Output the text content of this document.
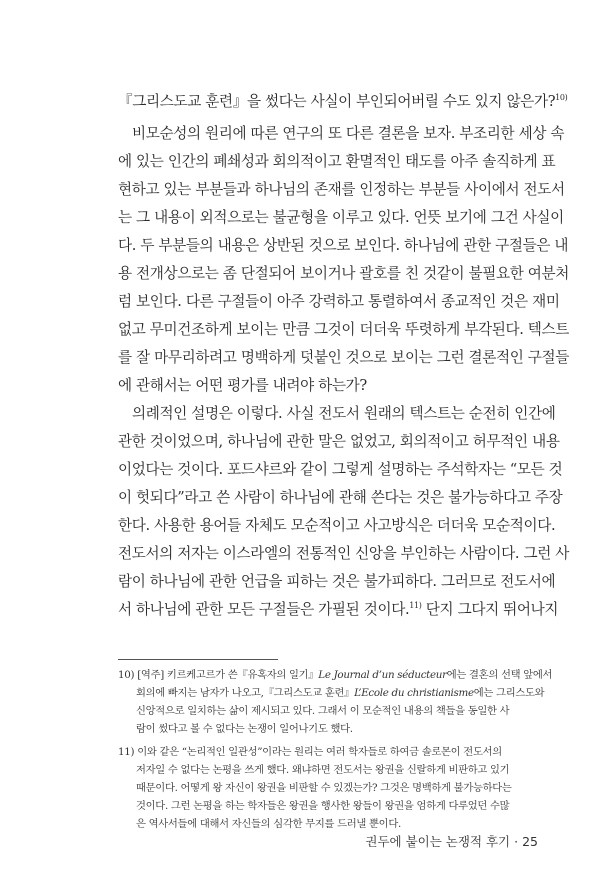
『그리스도교 훈련』을 썼다는 사실이 부인되어버릴 수도 있지 않은가?$^{10)}$
비모순성의 원리에 따른 연구의 또 다른 결론을 보자. 부조리한 세상 속
에 있는 인간의 폐쇄성과 회의적이고 환멸적인 태도를 아주 솔직하게 표
현하고 있는 부분들과 하나님의 존재를 인정하는 부분들 사이에서 전도서
는 그 내용이 외적으로는 불균형을 이루고 있다. 언뜻 보기에 그건 사실이
다. 두 부분들의 내용은 상반된 것으로 보인다. 하나님에 관한 구절들은 내
용 전개상으로는 좀 단절되어 보이거나 괄호를 친 것같이 불필요한 여분처
럼 보인다. 다른 구절들이 아주 강력하고 통렬하여서 종교적인 것은 재미
없고 무미건조하게 보이는 만큼 그것이 더더욱 뚜렷하게 부각된다. 텍스트
를 잘 마무리하려고 명백하게 덧붙인 것으로 보이는 그런 결론적인 구절들
에 관해서는 어떤 평가를 내려야 하는가?
의례적인 설명은 이렇다. 사실 전도서 원래의 텍스트는 순전히 인간에
관한 것이었으며, 하나님에 관한 말은 없었고, 회의적이고 허무적인 내용
이었다는 것이다. 포드샤르와 같이 그렇게 설명하는 주석학자는 “모든 것
이 헛되다”라고 쓴 사람이 하나님에 관해 쓴다는 것은 불가능하다고 주장
한다. 사용한 용어들 자체도 모순적이고 사고방식은 더더욱 모순적이다.
전도서의 저자는 이스라엘의 전통적인 신앙을 부인하는 사람이다. 그런 사
람이 하나님에 관한 언급을 피하는 것은 불가피하다. 그러므로 전도서에
서 하나님에 관한 모든 구절들은 가필된 것이다.$^{11)}$ 단지 그다지 뛰어나지
10) [역주] 키르케고르가 쓴『유혹자의 일기』Le Journal d’un séducteur에는 결혼의 선택 앞에서
회의에 빠지는 남자가 나오고,『그리스도교 훈련』L’Ecole du christianisme에는 그리스도와
신앙적으로 일치하는 삶이 제시되고 있다. 그래서 이 모순적인 내용의 책들을 동일한 사
람이 썼다고 볼 수 없다는 논쟁이 일어나기도 했다.
11) 이와 같은 “논리적인 일관성”이라는 원리는 여러 학자들로 하여금 솔로몬이 전도서의
저자일 수 없다는 논평을 쓰게 했다. 왜냐하면 전도서는 왕권을 신랄하게 비판하고 있기
때문이다. 어떻게 왕 자신이 왕권을 비판할 수 있겠는가? 그것은 명백하게 불가능하다는
것이다. 그런 논평을 하는 학자들은 왕권을 행사한 왕들이 왕권을 엄하게 다루었던 수많
은 역사서들에 대해서 자신들의 심각한 무지를 드러낼 뿐이다.
권두에 붙이는 논쟁적 후기 · 25
